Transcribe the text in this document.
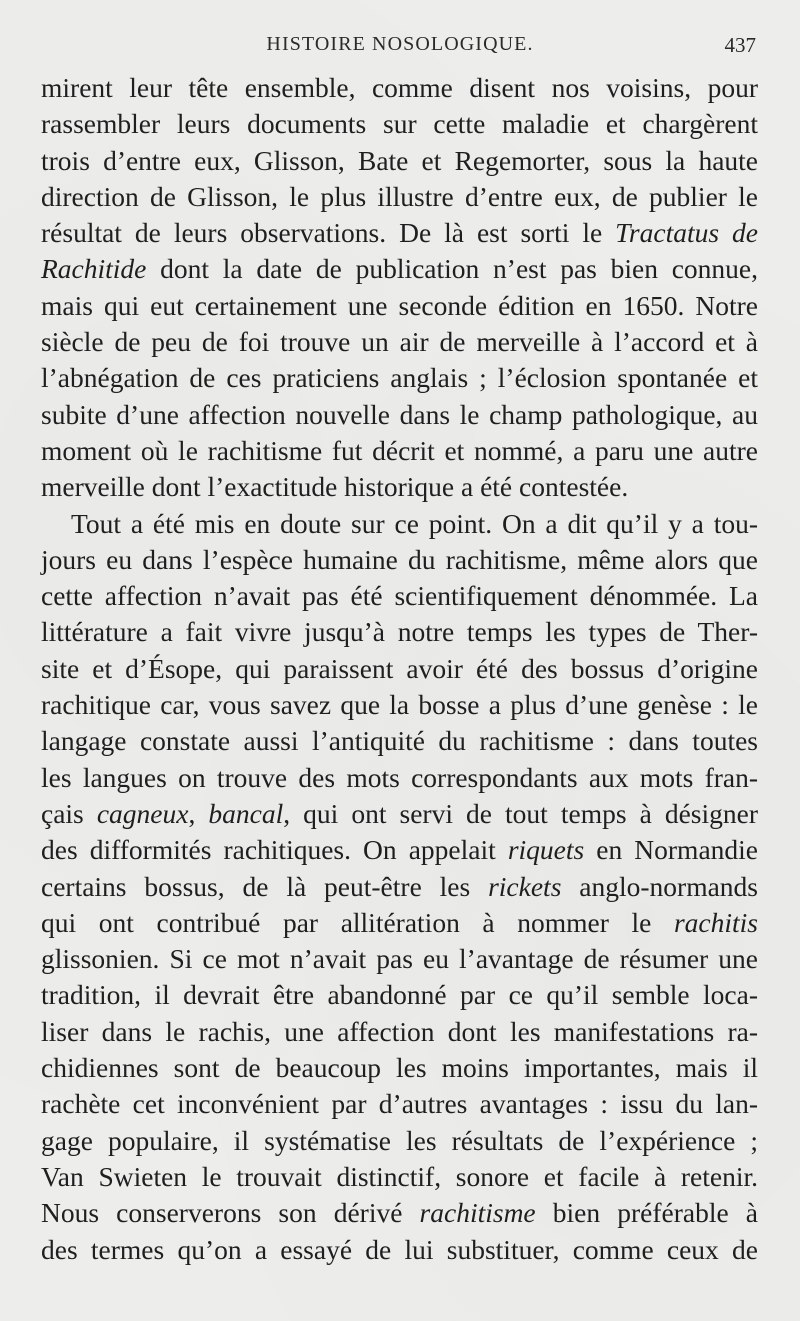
HISTOIRE NOSOLOGIQUE.	437
mirent leur tête ensemble, comme disent nos voisins, pour
rassembler leurs documents sur cette maladie et chargèrent
trois d’entre eux, Glisson, Bate et Regemorter, sous la haute
direction de Glisson, le plus illustre d’entre eux, de publier le
résultat de leurs observations. De là est sorti le Tractatus de
Rachitide dont la date de publication n’est pas bien connue,
mais qui eut certainement une seconde édition en 1650. Notre
siècle de peu de foi trouve un air de merveille à l’accord et à
l’abnégation de ces praticiens anglais ; l’éclosion spontanée et
subite d’une affection nouvelle dans le champ pathologique, au
moment où le rachitisme fut décrit et nommé, a paru une autre
merveille dont l’exactitude historique a été contestée.
Tout a été mis en doute sur ce point. On a dit qu’il y a tou-
jours eu dans l’espèce humaine du rachitisme, même alors que
cette affection n’avait pas été scientifiquement dénommée. La
littérature a fait vivre jusqu’à notre temps les types de Ther-
site et d’Ésope, qui paraissent avoir été des bossus d’origine
rachitique car, vous savez que la bosse a plus d’une genèse : le
langage constate aussi l’antiquité du rachitisme : dans toutes
les langues on trouve des mots correspondants aux mots fran-
çais cagneux, bancal, qui ont servi de tout temps à désigner
des difformités rachitiques. On appelait riquets en Normandie
certains bossus, de là peut-être les rickets anglo-normands
qui ont contribué par allitération à nommer le rachitis
glissonien. Si ce mot n’avait pas eu l’avantage de résumer une
tradition, il devrait être abandonné par ce qu’il semble loca-
liser dans le rachis, une affection dont les manifestations ra-
chidiennes sont de beaucoup les moins importantes, mais il
rachète cet inconvénient par d’autres avantages : issu du lan-
gage populaire, il systématise les résultats de l’expérience ;
Van Swieten le trouvait distinctif, sonore et facile à retenir.
Nous conserverons son dérivé rachitisme bien préférable à
des termes qu’on a essayé de lui substituer, comme ceux de
